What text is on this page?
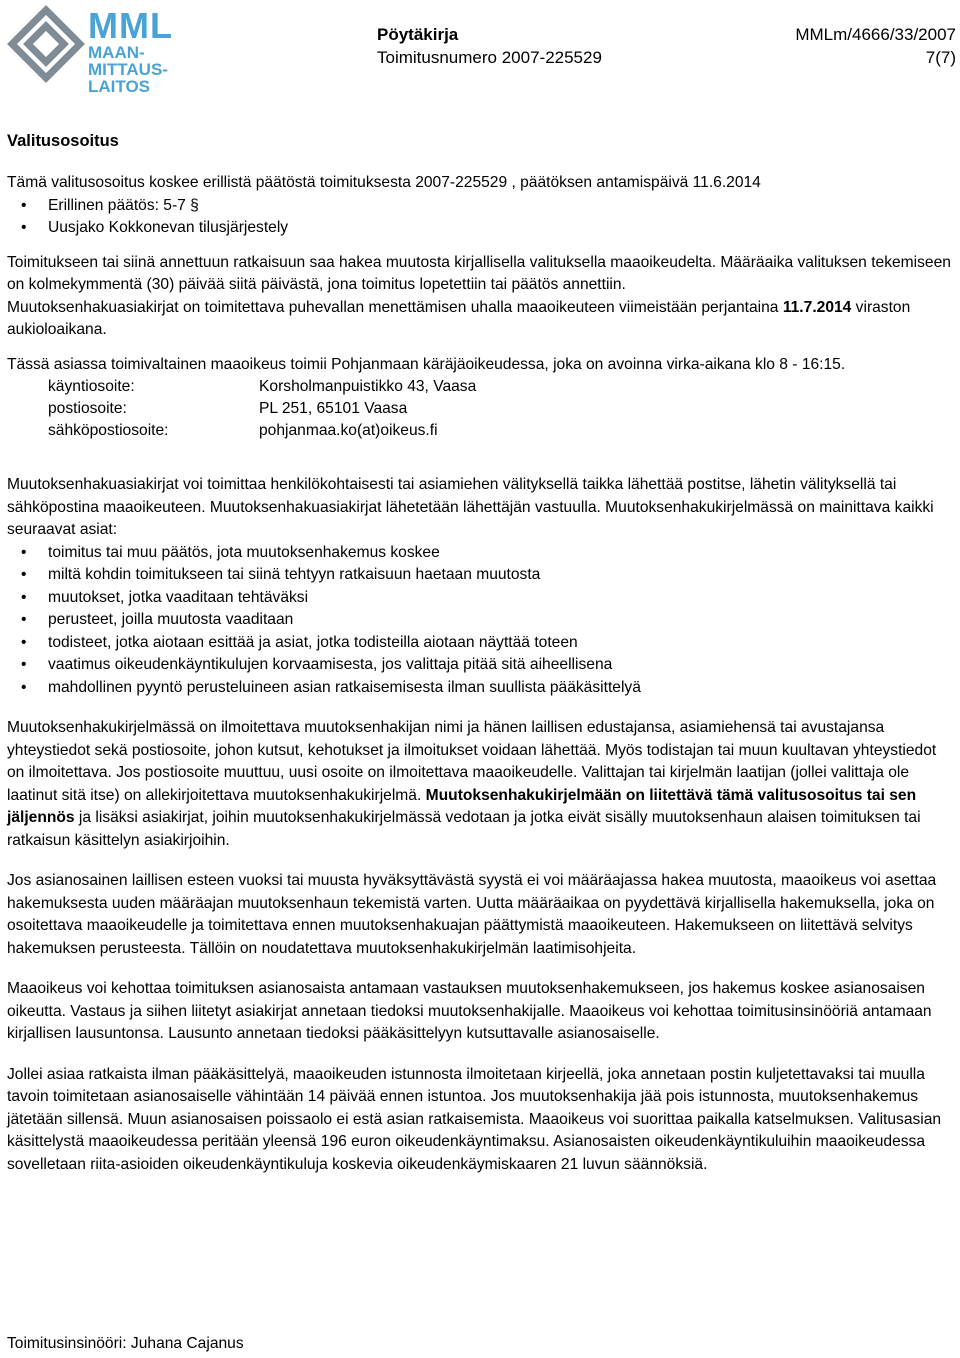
MML
MAAN-
MITTAUS-
LAITOS
Pöytäkirja	MMLm/4666/33/2007
Toimitusnumero 2007-225529	7(7)
Valitusosoitus

Tämä valitusosoitus koskee erillistä päätöstä toimituksesta 2007-225529 , päätöksen antamispäivä 11.6.2014

• Erillinen päätös: 5-7 §
• Uusjako Kokkonevan tilusjärjestely

Toimitukseen tai siinä annettuun ratkaisuun saa hakea muutosta kirjallisella valituksella maaoikeudelta. Määräaika valituksen tekemiseen on kolmekymmentä (30) päivää siitä päivästä, jona toimitus lopetettiin tai päätös annettiin.

Muutoksenhakuasiakirjat on toimitettava puhevallan menettämisen uhalla maaoikeuteen viimeistään perjantaina 11.7.2014 viraston aukioloaikana.

Tässä asiassa toimivaltainen maaoikeus toimii Pohjanmaan käräjäoikeudessa, joka on avoinna virka-aikana klo 8 - 16:15.

käyntiosoite:	Korsholmanpuistikko 43, Vaasa
postiosoite:	PL 251, 65101 Vaasa
sähköpostiosoite:	pohjanmaa.ko(at)oikeus.fi

Muutoksenhakuasiakirjat voi toimittaa henkilökohtaisesti tai asiamiehen välityksellä taikka lähettää postitse, lähetin välityksellä tai sähköpostina maaoikeuteen. Muutoksenhakuasiakirjat lähetetään lähettäjän vastuulla. Muutoksenhakukirjelmässä on mainittava kaikki seuraavat asiat:

• toimitus tai muu päätös, jota muutoksenhakemus koskee
• miltä kohdin toimitukseen tai siinä tehtyyn ratkaisuun haetaan muutosta
• muutokset, jotka vaaditaan tehtäväksi
• perusteet, joilla muutosta vaaditaan
• todisteet, jotka aiotaan esittää ja asiat, jotka todisteilla aiotaan näyttää toteen
• vaatimus oikeudenkäyntikulujen korvaamisesta, jos valittaja pitää sitä aiheellisena
• mahdollinen pyyntö perusteluineen asian ratkaisemisesta ilman suullista pääkäsittelyä

Muutoksenhakukirjelmässä on ilmoitettava muutoksenhakijan nimi ja hänen laillisen edustajansa, asiamiehensä tai avustajansa yhteystiedot sekä postiosoite, johon kutsut, kehotukset ja ilmoitukset voidaan lähettää. Myös todistajan tai muun kuultavan yhteystiedot on ilmoitettava. Jos postiosoite muuttuu, uusi osoite on ilmoitettava maaoikeudelle. Valittajan tai kirjelmän laatijan (jollei valittaja ole laatinut sitä itse) on allekirjoitettava muutoksenhakukirjelmä. Muutoksenhakukirjelmään on liitettävä tämä valitusosoitus tai sen jäljennös ja lisäksi asiakirjat, joihin muutoksenhakukirjelmässä vedotaan ja jotka eivät sisälly muutoksenhaun alaisen toimituksen tai ratkaisun käsittelyn asiakirjoihin.

Jos asianosainen laillisen esteen vuoksi tai muusta hyväksyttävästä syystä ei voi määräajassa hakea muutosta, maaoikeus voi asettaa hakemuksesta uuden määräajan muutoksenhaun tekemistä varten. Uutta määräaikaa on pyydettävä kirjallisella hakemuksella, joka on osoitettava maaoikeudelle ja toimitettava ennen muutoksenhakuajan päättymistä maaoikeuteen. Hakemukseen on liitettävä selvitys hakemuksen perusteesta. Tällöin on noudatettava muutoksenhakukirjelmän laatimisohjeita.

Maaoikeus voi kehottaa toimituksen asianosaista antamaan vastauksen muutoksenhakemukseen, jos hakemus koskee asianosaisen oikeutta. Vastaus ja siihen liitetyt asiakirjat annetaan tiedoksi muutoksenhakijalle. Maaoikeus voi kehottaa toimitusinsinööriä antamaan kirjallisen lausuntonsa. Lausunto annetaan tiedoksi pääkäsittelyyn kutsuttavalle asianosaiselle.

Jollei asiaa ratkaista ilman pääkäsittelyä, maaoikeuden istunnosta ilmoitetaan kirjeellä, joka annetaan postin kuljetettavaksi tai muulla tavoin toimitetaan asianosaiselle vähintään 14 päivää ennen istuntoa. Jos muutoksenhakija jää pois istunnosta, muutoksenhakemus jätetään sillensä. Muun asianosaisen poissaolo ei estä asian ratkaisemista. Maaoikeus voi suorittaa paikalla katselmuksen. Valitusasian käsittelystä maaoikeudessa peritään yleensä 196 euron oikeudenkäyntimaksu. Asianosaisten oikeudenkäyntikuluihin maaoikeudessa sovelletaan riita-asioiden oikeudenkäyntikuluja koskevia oikeudenkäymiskaaren 21 luvun säännöksiä.

Toimitusinsinööri: Juhana Cajanus
